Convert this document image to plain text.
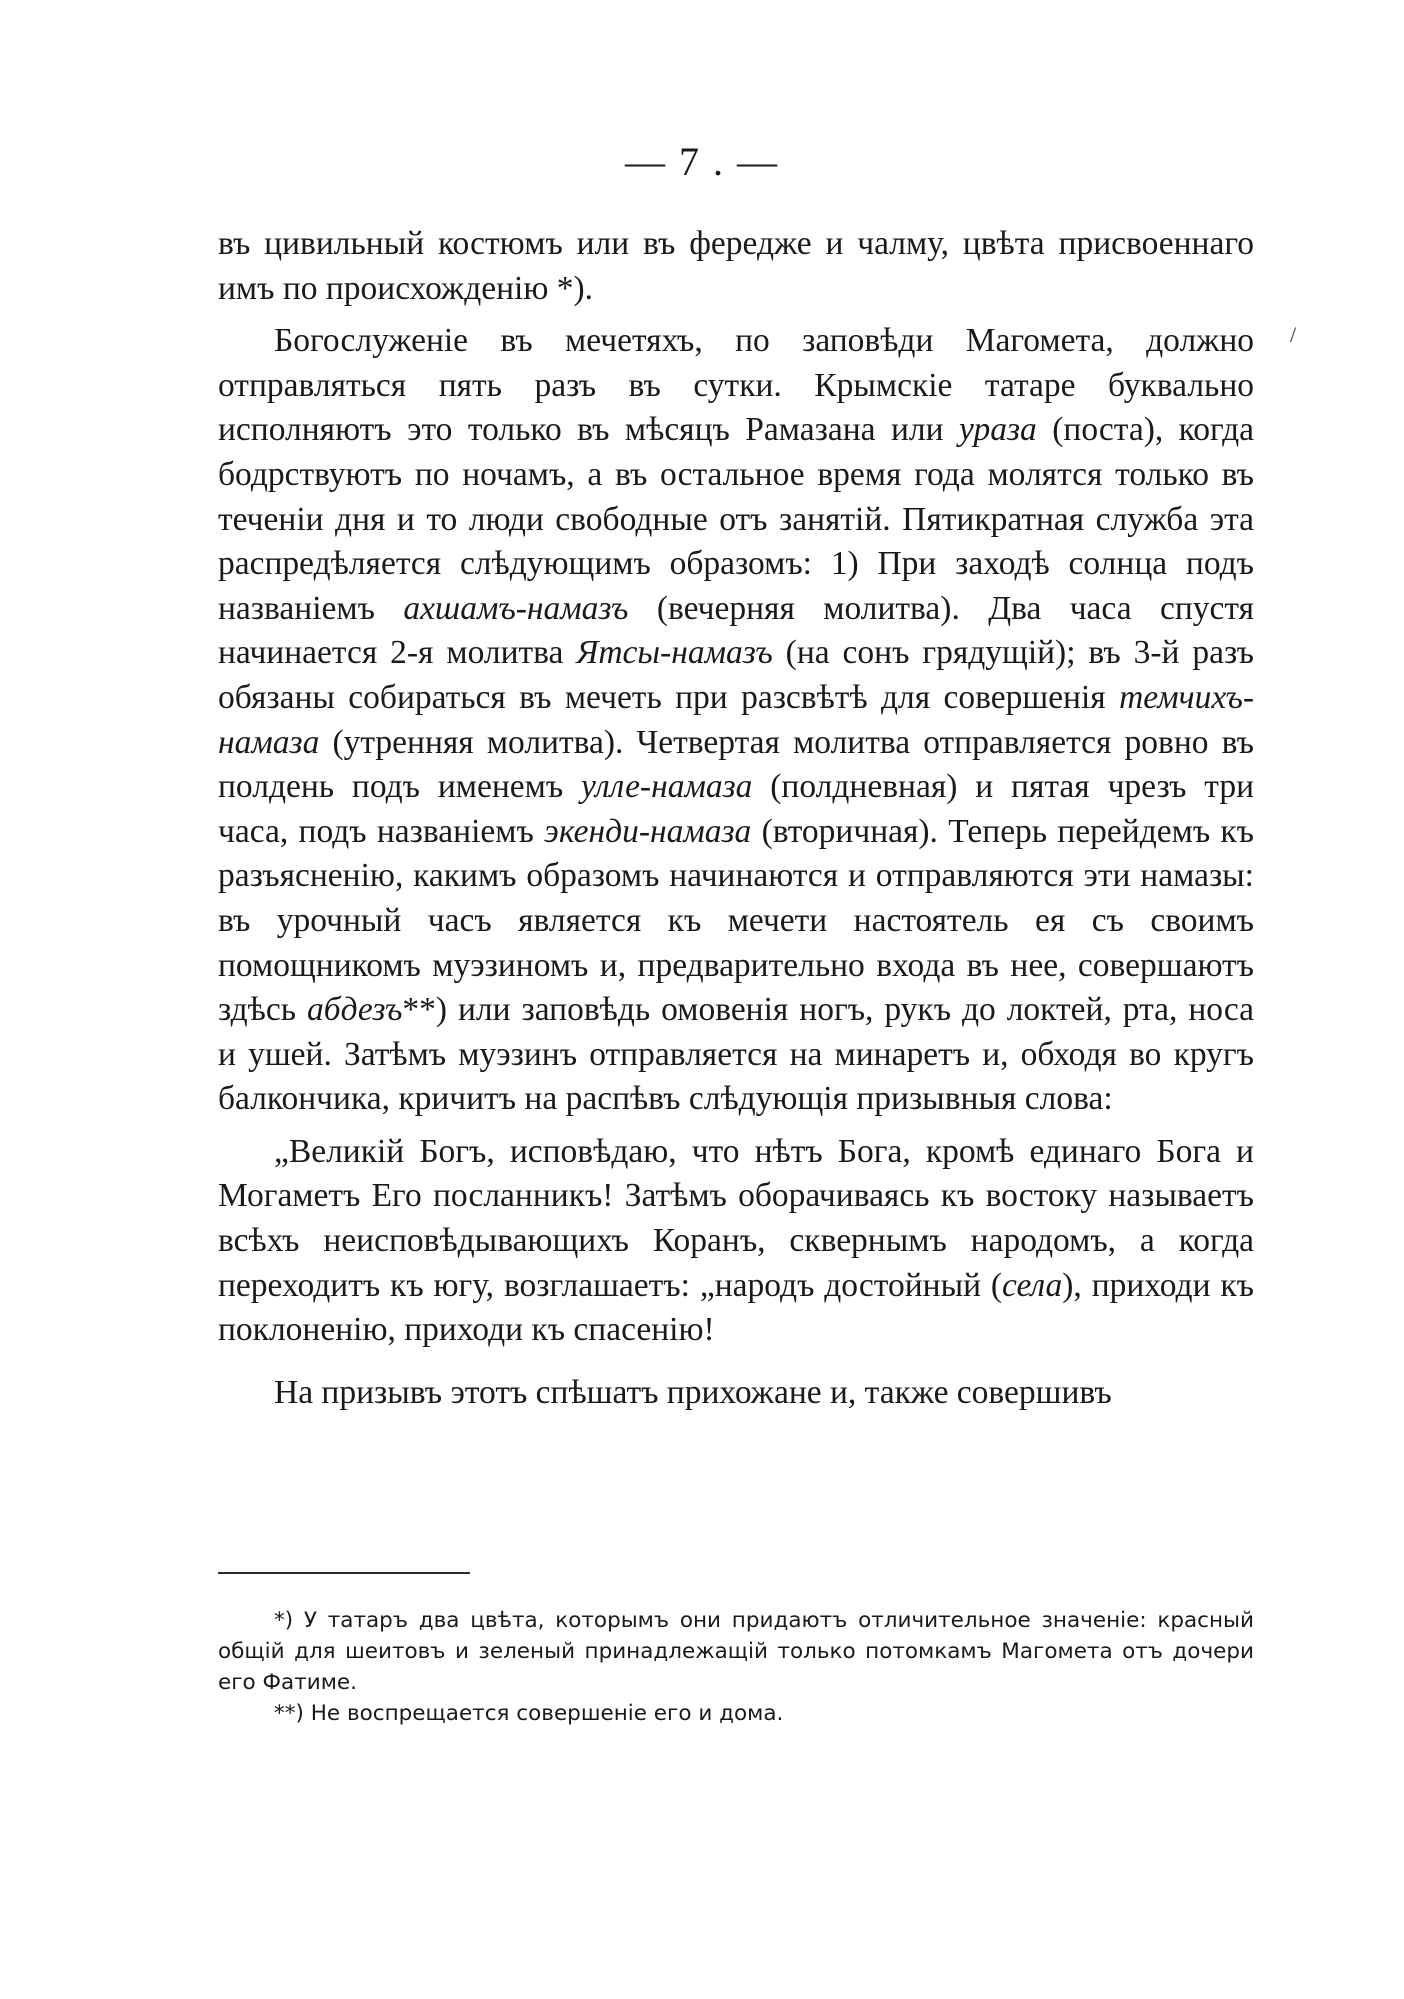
— 7 . —
/

въ цивильный костюмъ или въ фередже и чалму, цвѣта присвоеннаго имъ по происхожденію *).

Богослуженіе въ мечетяхъ, по заповѣди Магомета, должно отправляться пять разъ въ сутки. Крымскіе татаре буквально исполняютъ это только въ мѣсяцъ Рамазана или ураза (поста), когда бодрствуютъ по ночамъ, а въ остальное время года молятся только въ теченіи дня и то люди свободные отъ занятій. Пятикратная служба эта распредѣляется слѣдующимъ образомъ: 1) При заходѣ солнца подъ названіемъ ахшамъ-намазъ (вечерняя молитва). Два часа спустя начинается 2-я молитва Ятсы-намазъ (на сонъ грядущій); въ 3-й разъ обязаны собираться въ мечеть при разсвѣтѣ для совершенія темчихъ-намаза (утренняя молитва). Четвертая молитва отправляется ровно въ полдень подъ именемъ улле-намаза (полдневная) и пятая чрезъ три часа, подъ названіемъ экенди-намаза (вторичная). Теперь перейдемъ къ разъясненію, какимъ образомъ начинаются и отправляются эти намазы: въ урочный часъ является къ мечети настоятель ея съ своимъ помощникомъ муэзиномъ и, предварительно входа въ нее, совершаютъ здѣсь абдезъ**) или заповѣдь омовенія ногъ, рукъ до локтей, рта, носа и ушей. Затѣмъ муэзинъ отправляется на минаретъ и, обходя во кругъ балкончика, кричитъ на распѣвъ слѣдующія призывныя слова:

„Великій Богъ, исповѣдаю, что нѣтъ Бога, кромѣ единаго Бога и Могаметъ Его посланникъ! Затѣмъ оборачиваясь къ востоку называетъ всѣхъ неисповѣдывающихъ Коранъ, сквернымъ народомъ, а когда переходитъ къ югу, возглашаетъ: „народъ достойный (села), приходи къ поклоненію, приходи къ спасенію!

На призывъ этотъ спѣшатъ прихожане и, также совершивъ

*) У татаръ два цвѣта, которымъ они придаютъ отличительное значеніе: красный общій для шеитовъ и зеленый принадлежащій только потомкамъ Магомета отъ дочери его Фатиме.

**) Не воспрещается совершеніе его и дома.
